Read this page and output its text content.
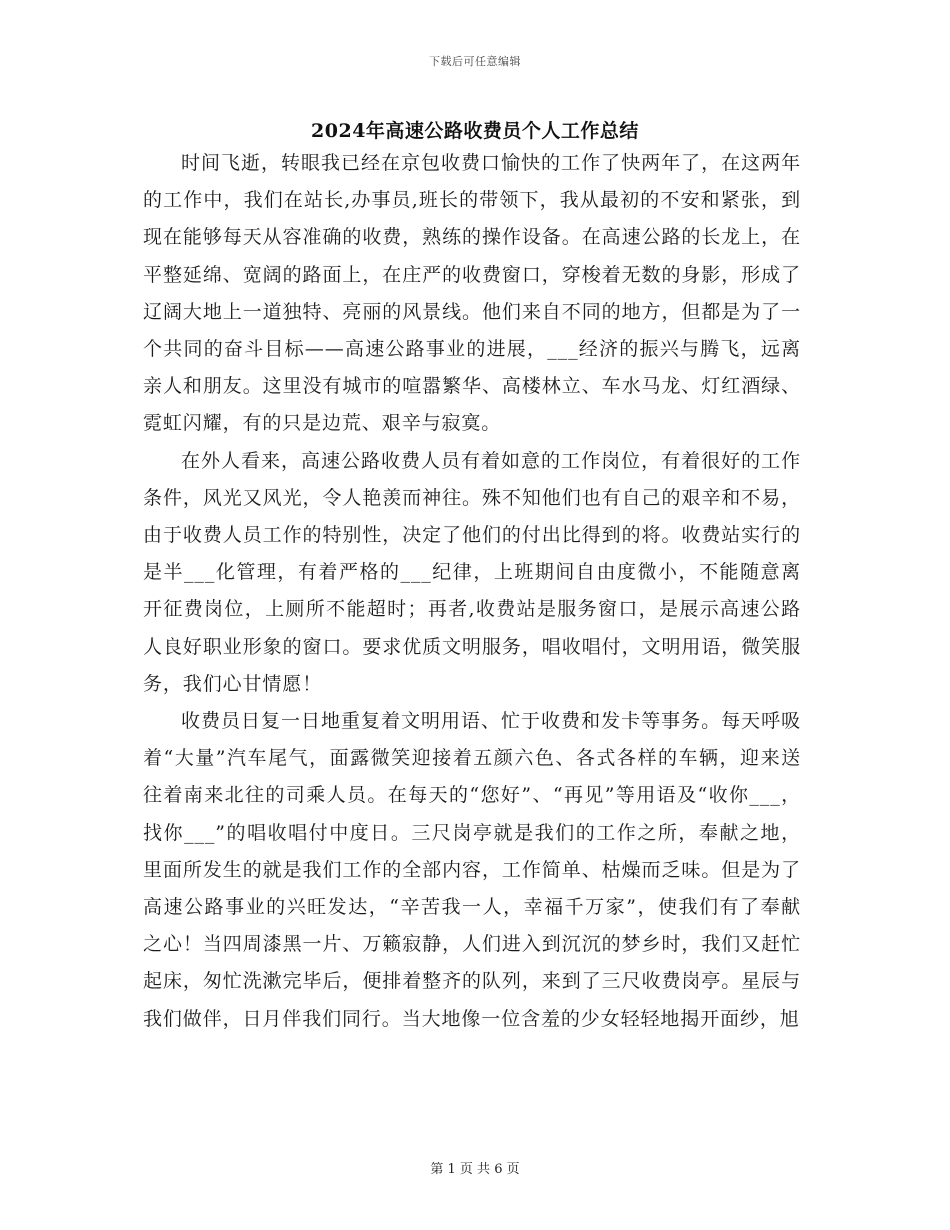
下载后可任意编辑
2024年高速公路收费员个人工作总结

时间飞逝，转眼我已经在京包收费口愉快的工作了快两年了，在这两年的工作中，我们在站长,办事员,班长的带领下，我从最初的不安和紧张，到现在能够每天从容准确的收费，熟练的操作设备。在高速公路的长龙上，在平整延绵、宽阔的路面上，在庄严的收费窗口，穿梭着无数的身影，形成了辽阔大地上一道独特、亮丽的风景线。他们来自不同的地方，但都是为了一个共同的奋斗目标——高速公路事业的进展，___经济的振兴与腾飞，远离亲人和朋友。这里没有城市的喧嚣繁华、高楼林立、车水马龙、灯红酒绿、霓虹闪耀，有的只是边荒、艰辛与寂寞。

在外人看来，高速公路收费人员有着如意的工作岗位，有着很好的工作条件，风光又风光，令人艳羡而神往。殊不知他们也有自己的艰辛和不易，由于收费人员工作的特别性，决定了他们的付出比得到的将。收费站实行的是半___化管理，有着严格的___纪律，上班期间自由度微小，不能随意离开征费岗位，上厕所不能超时；再者,收费站是服务窗口，是展示高速公路人良好职业形象的窗口。要求优质文明服务，唱收唱付，文明用语，微笑服务，我们心甘情愿！

收费员日复一日地重复着文明用语、忙于收费和发卡等事务。每天呼吸着“大量”汽车尾气，面露微笑迎接着五颜六色、各式各样的车辆，迎来送往着南来北往的司乘人员。在每天的“您好”、“再见”等用语及“收你___，找你___”的唱收唱付中度日。三尺岗亭就是我们的工作之所，奉献之地，里面所发生的就是我们工作的全部内容，工作简单、枯燥而乏味。但是为了高速公路事业的兴旺发达，“辛苦我一人，幸福千万家”，使我们有了奉献之心！当四周漆黑一片、万籁寂静，人们进入到沉沉的梦乡时，我们又赶忙起床，匆忙洗漱完毕后，便排着整齐的队列，来到了三尺收费岗亭。星辰与我们做伴，日月伴我们同行。当大地像一位含羞的少女轻轻地揭开面纱，旭

第 1 页 共 6 页
